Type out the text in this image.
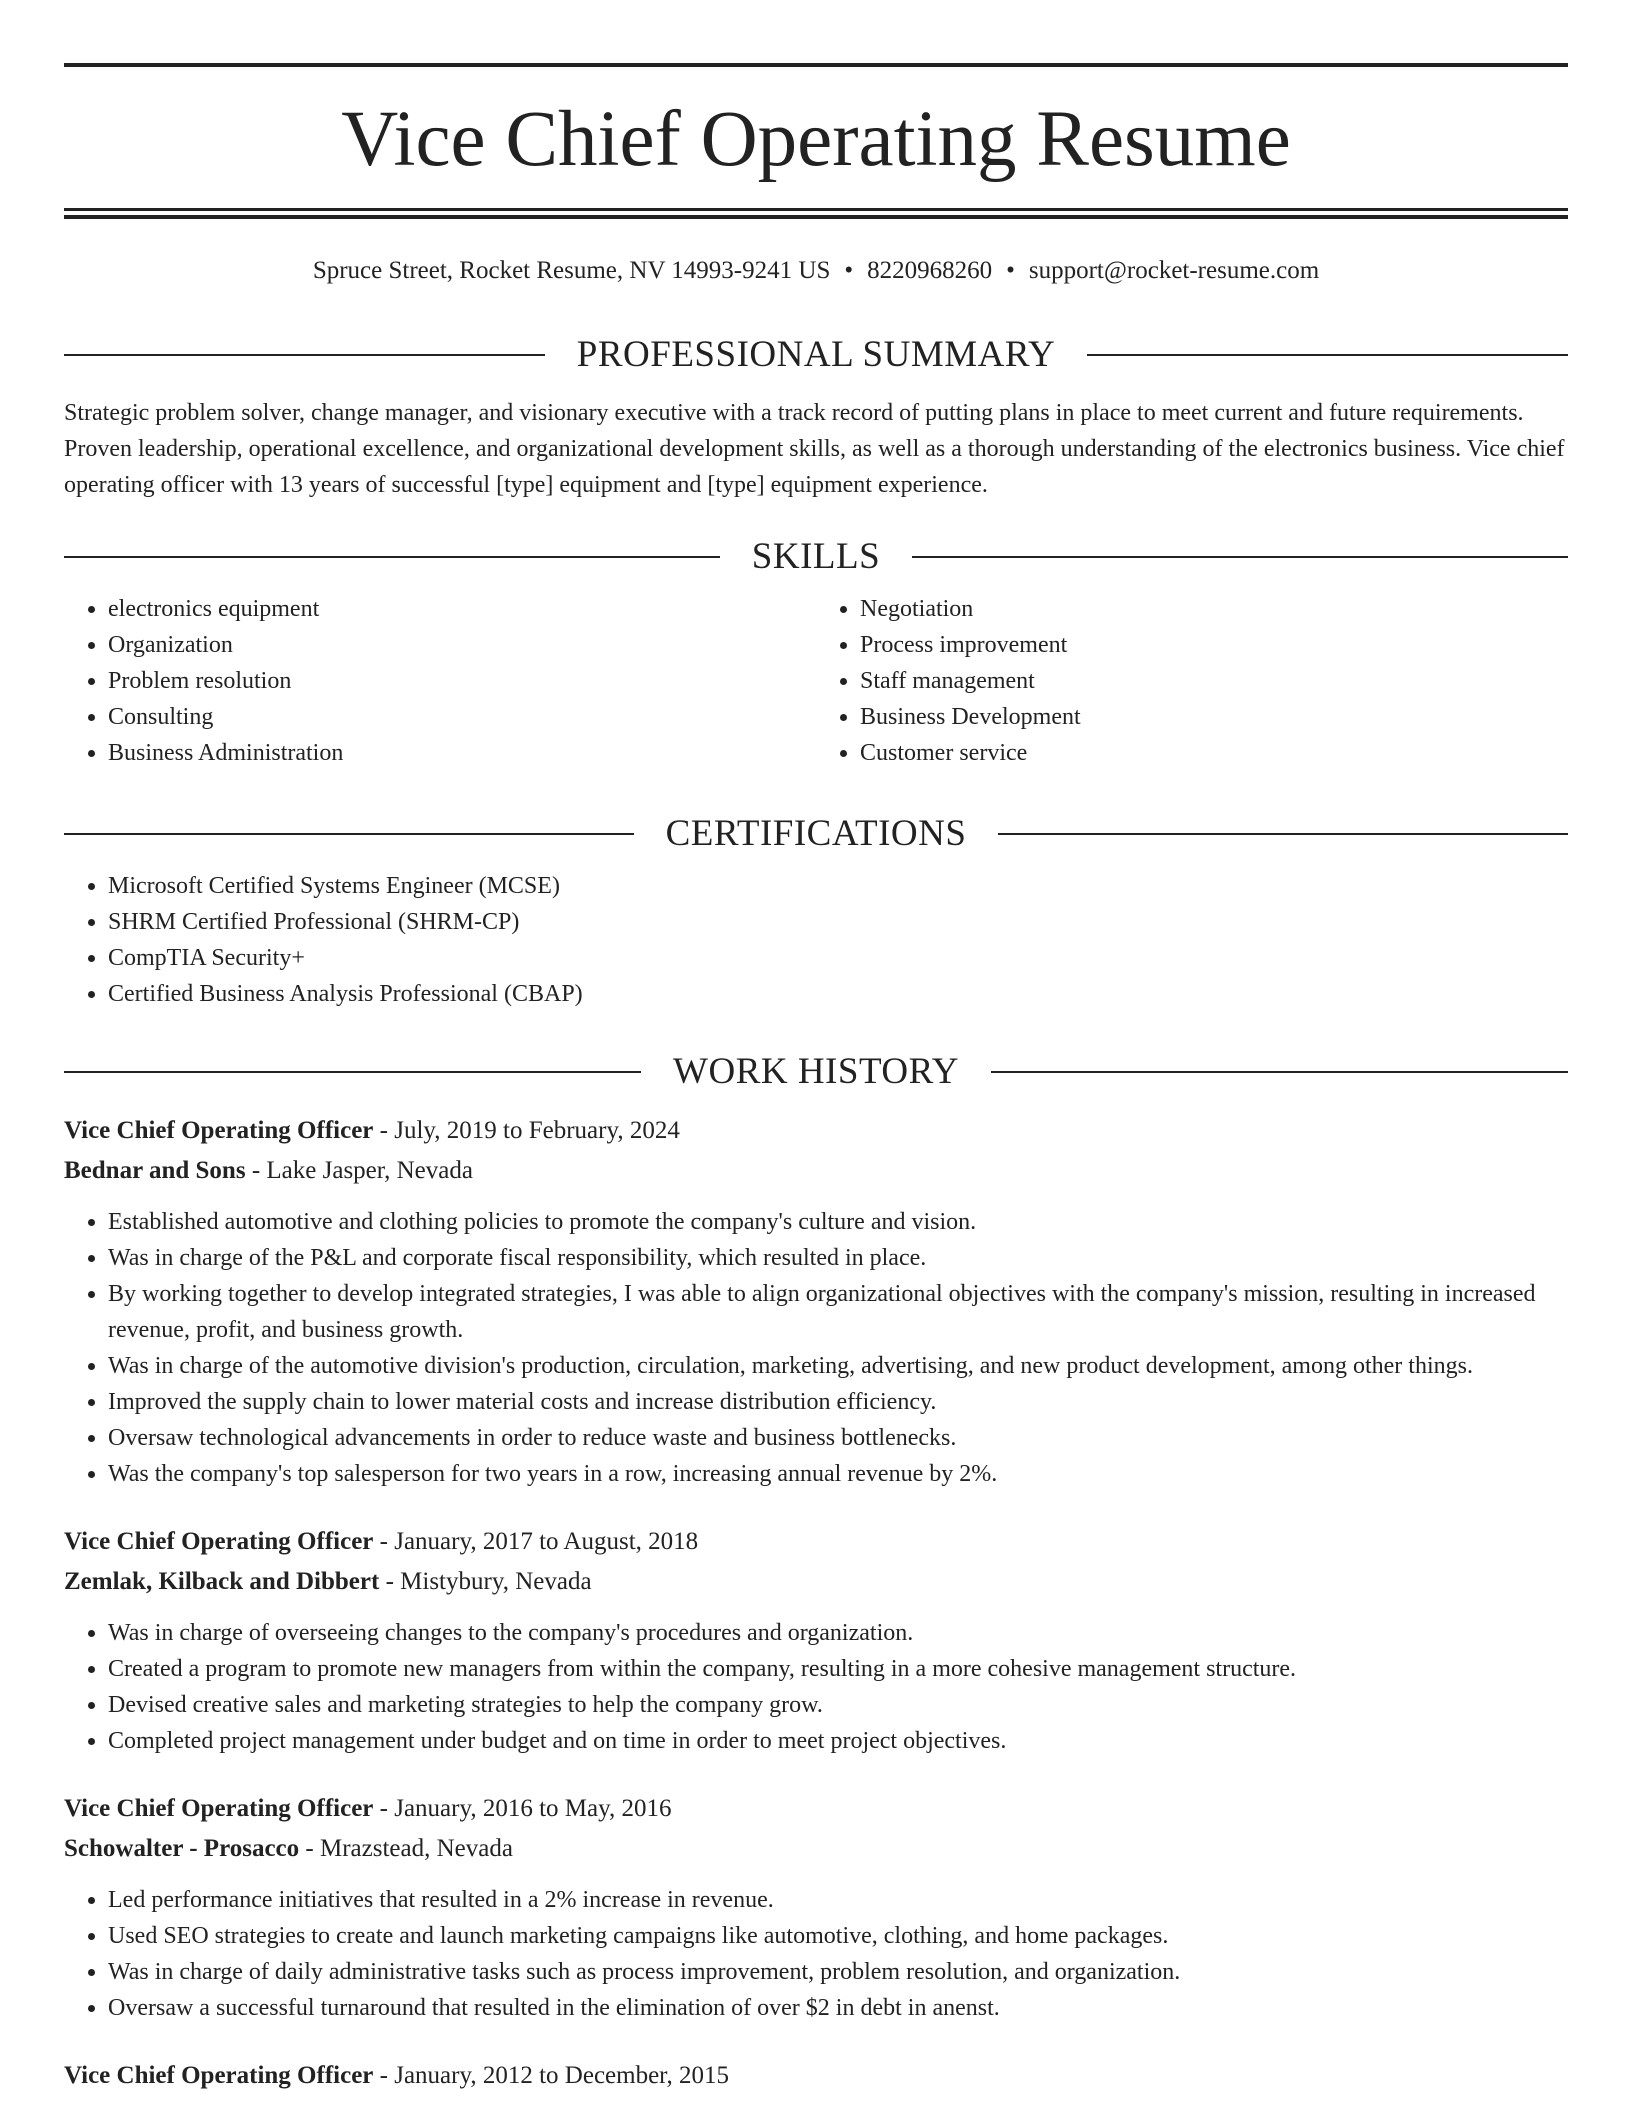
Vice Chief Operating Resume
Spruce Street, Rocket Resume, NV 14993-9241 US • 8220968260 • support@rocket-resume.com
PROFESSIONAL SUMMARY

Strategic problem solver, change manager, and visionary executive with a track record of putting plans in place to meet current and future requirements. Proven leadership, operational excellence, and organizational development skills, as well as a thorough understanding of the electronics business. Vice chief operating officer with 13 years of successful [type] equipment and [type] equipment experience.

SKILLS
• electronics equipment
• Organization
• Problem resolution
• Consulting
• Business Administration
• Negotiation
• Process improvement
• Staff management
• Business Development
• Customer service
CERTIFICATIONS
• Microsoft Certified Systems Engineer (MCSE)
• SHRM Certified Professional (SHRM-CP)
• CompTIA Security+
• Certified Business Analysis Professional (CBAP)
WORK HISTORY
Vice Chief Operating Officer - July, 2019 to February, 2024
Bednar and Sons - Lake Jasper, Nevada
• Established automotive and clothing policies to promote the company's culture and vision.
• Was in charge of the P&L and corporate fiscal responsibility, which resulted in place.
• By working together to develop integrated strategies, I was able to align organizational objectives with the company's mission, resulting in increased revenue, profit, and business growth.
• Was in charge of the automotive division's production, circulation, marketing, advertising, and new product development, among other things.
• Improved the supply chain to lower material costs and increase distribution efficiency.
• Oversaw technological advancements in order to reduce waste and business bottlenecks.
• Was the company's top salesperson for two years in a row, increasing annual revenue by 2%.
Vice Chief Operating Officer - January, 2017 to August, 2018
Zemlak, Kilback and Dibbert - Mistybury, Nevada
• Was in charge of overseeing changes to the company's procedures and organization.
• Created a program to promote new managers from within the company, resulting in a more cohesive management structure.
• Devised creative sales and marketing strategies to help the company grow.
• Completed project management under budget and on time in order to meet project objectives.
Vice Chief Operating Officer - January, 2016 to May, 2016
Schowalter - Prosacco - Mrazstead, Nevada
• Led performance initiatives that resulted in a 2% increase in revenue.
• Used SEO strategies to create and launch marketing campaigns like automotive, clothing, and home packages.
• Was in charge of daily administrative tasks such as process improvement, problem resolution, and organization.
• Oversaw a successful turnaround that resulted in the elimination of over $2 in debt in anenst.
Vice Chief Operating Officer - January, 2012 to December, 2015
